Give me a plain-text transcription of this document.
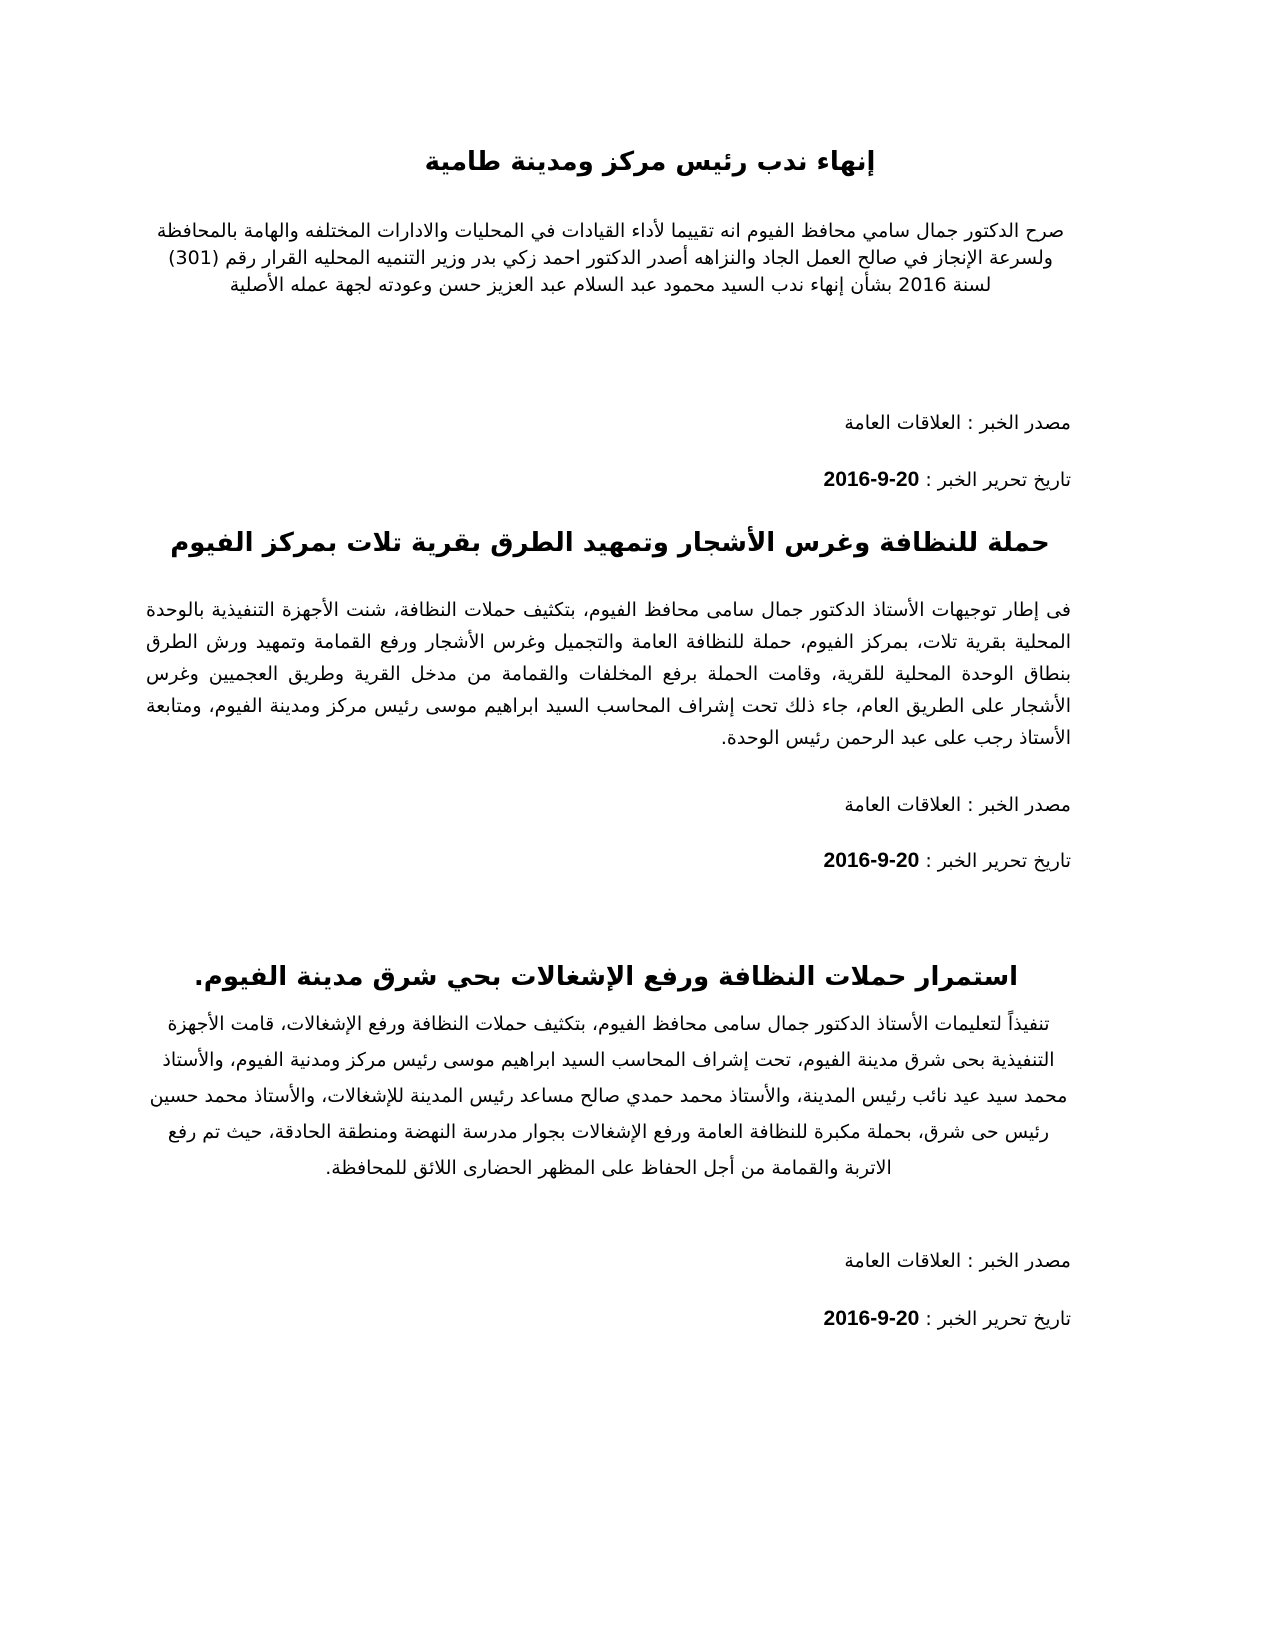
إنهاء ندب رئيس مركز ومدينة طامية

صرح الدكتور جمال سامي محافظ الفيوم انه تقييما لأداء القيادات في المحليات والادارات المختلفه والهامة بالمحافظة ولسرعة الإنجاز في صالح العمل الجاد والنزاهه أصدر الدكتور احمد زكي بدر وزير التنميه المحليه القرار رقم (301) لسنة 2016 بشأن إنهاء ندب السيد محمود عبد السلام عبد العزيز حسن وعودته لجهة عمله الأصلية

مصدر الخبر : العلاقات العامة

تاريخ تحرير الخبر : 2016-9-20

حملة للنظافة وغرس الأشجار وتمهيد الطرق بقرية تلات بمركز الفيوم

فى إطار توجيهات الأستاذ الدكتور جمال سامى محافظ الفيوم، بتكثيف حملات النظافة، شنت الأجهزة التنفيذية بالوحدة المحلية بقرية تلات، بمركز الفيوم، حملة للنظافة العامة والتجميل وغرس الأشجار ورفع القمامة وتمهيد ورش الطرق بنطاق الوحدة المحلية للقرية، وقامت الحملة برفع المخلفات والقمامة من مدخل القرية وطريق العجميين وغرس الأشجار على الطريق العام، جاء ذلك تحت إشراف المحاسب السيد ابراهيم موسى رئيس مركز ومدينة الفيوم، ومتابعة الأستاذ رجب على عبد الرحمن رئيس الوحدة.

مصدر الخبر : العلاقات العامة

تاريخ تحرير الخبر : 2016-9-20

استمرار حملات النظافة ورفع الإشغالات بحي شرق مدينة الفيوم.

تنفيذاً لتعليمات الأستاذ الدكتور جمال سامى محافظ الفيوم، بتكثيف حملات النظافة ورفع الإشغالات، قامت الأجهزة التنفيذية بحى شرق مدينة الفيوم، تحت إشراف المحاسب السيد ابراهيم موسى رئيس مركز ومدنية الفيوم، والأستاذ محمد سيد عيد نائب رئيس المدينة، والأستاذ محمد حمدي صالح مساعد رئيس المدينة للإشغالات، والأستاذ محمد حسين رئيس حى شرق، بحملة مكبرة للنظافة العامة ورفع الإشغالات بجوار مدرسة النهضة ومنطقة الحادقة، حيث تم رفع الاتربة والقمامة من أجل الحفاظ على المظهر الحضارى اللائق للمحافظة.

مصدر الخبر : العلاقات العامة

تاريخ تحرير الخبر : 2016-9-20
